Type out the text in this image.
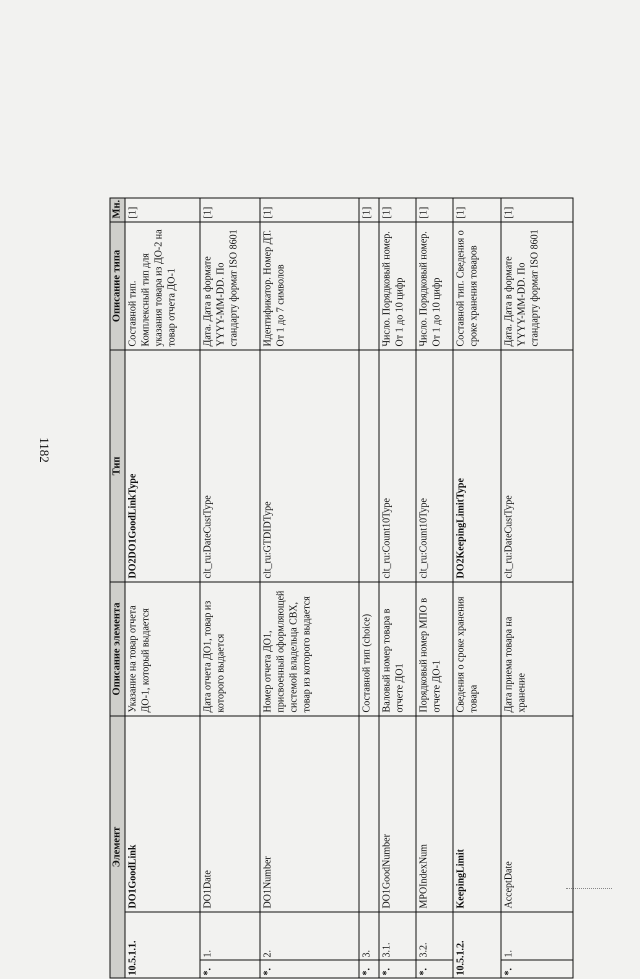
1182
Элемент			Описание элемента	Тип	Описание типа	Мн.
10.5.1.1.		DO1GoodLink	Указание на товар отчета ДО-1, который выдается	DO2DO1GoodLinkType	Составной тип. Комплексный тип для указания товара из ДО-2 на товар отчета ДО-1	[1]
*.	1.	DO1Date	Дата отчета ДО1, товар из которого выдается	clt_ru:DateCustType	Дата. Дата в формате YYYY-MM-DD. По стандарту формат ISO 8601	[1]
*.	2.	DO1Number	Номер отчета ДО1, присвоенный оформляющей системой владельца СВХ, товар из которого выдается	clt_ru:GTDIDType	Идентификатор. Номер ДТ. От 1 до 7 символов	[1]
*.	3.		Составной тип (choice)			[1]
*.	3.1.	DO1GoodNumber	Валовый номер товара в отчете ДО1	clt_ru:Count10Type	Число. Порядковый номер. От 1 до 10 цифр	[1]
*.	3.2.	MPOIndexNum	Порядковый номер МПО в отчете ДО-1	clt_ru:Count10Type	Число. Порядковый номер. От 1 до 10 цифр	[1]
10.5.1.2.		KeepingLimit	Сведения о сроке хранения товара	DO2KeepingLimitType	Составной тип. Сведения о сроке хранения товаров	[1]
*.	1.	AcceptDate	Дата приема товара на хранение	clt_ru:DateCustType	Дата. Дата в формате YYYY-MM-DD. По стандарту формат ISO 8601	[1]
